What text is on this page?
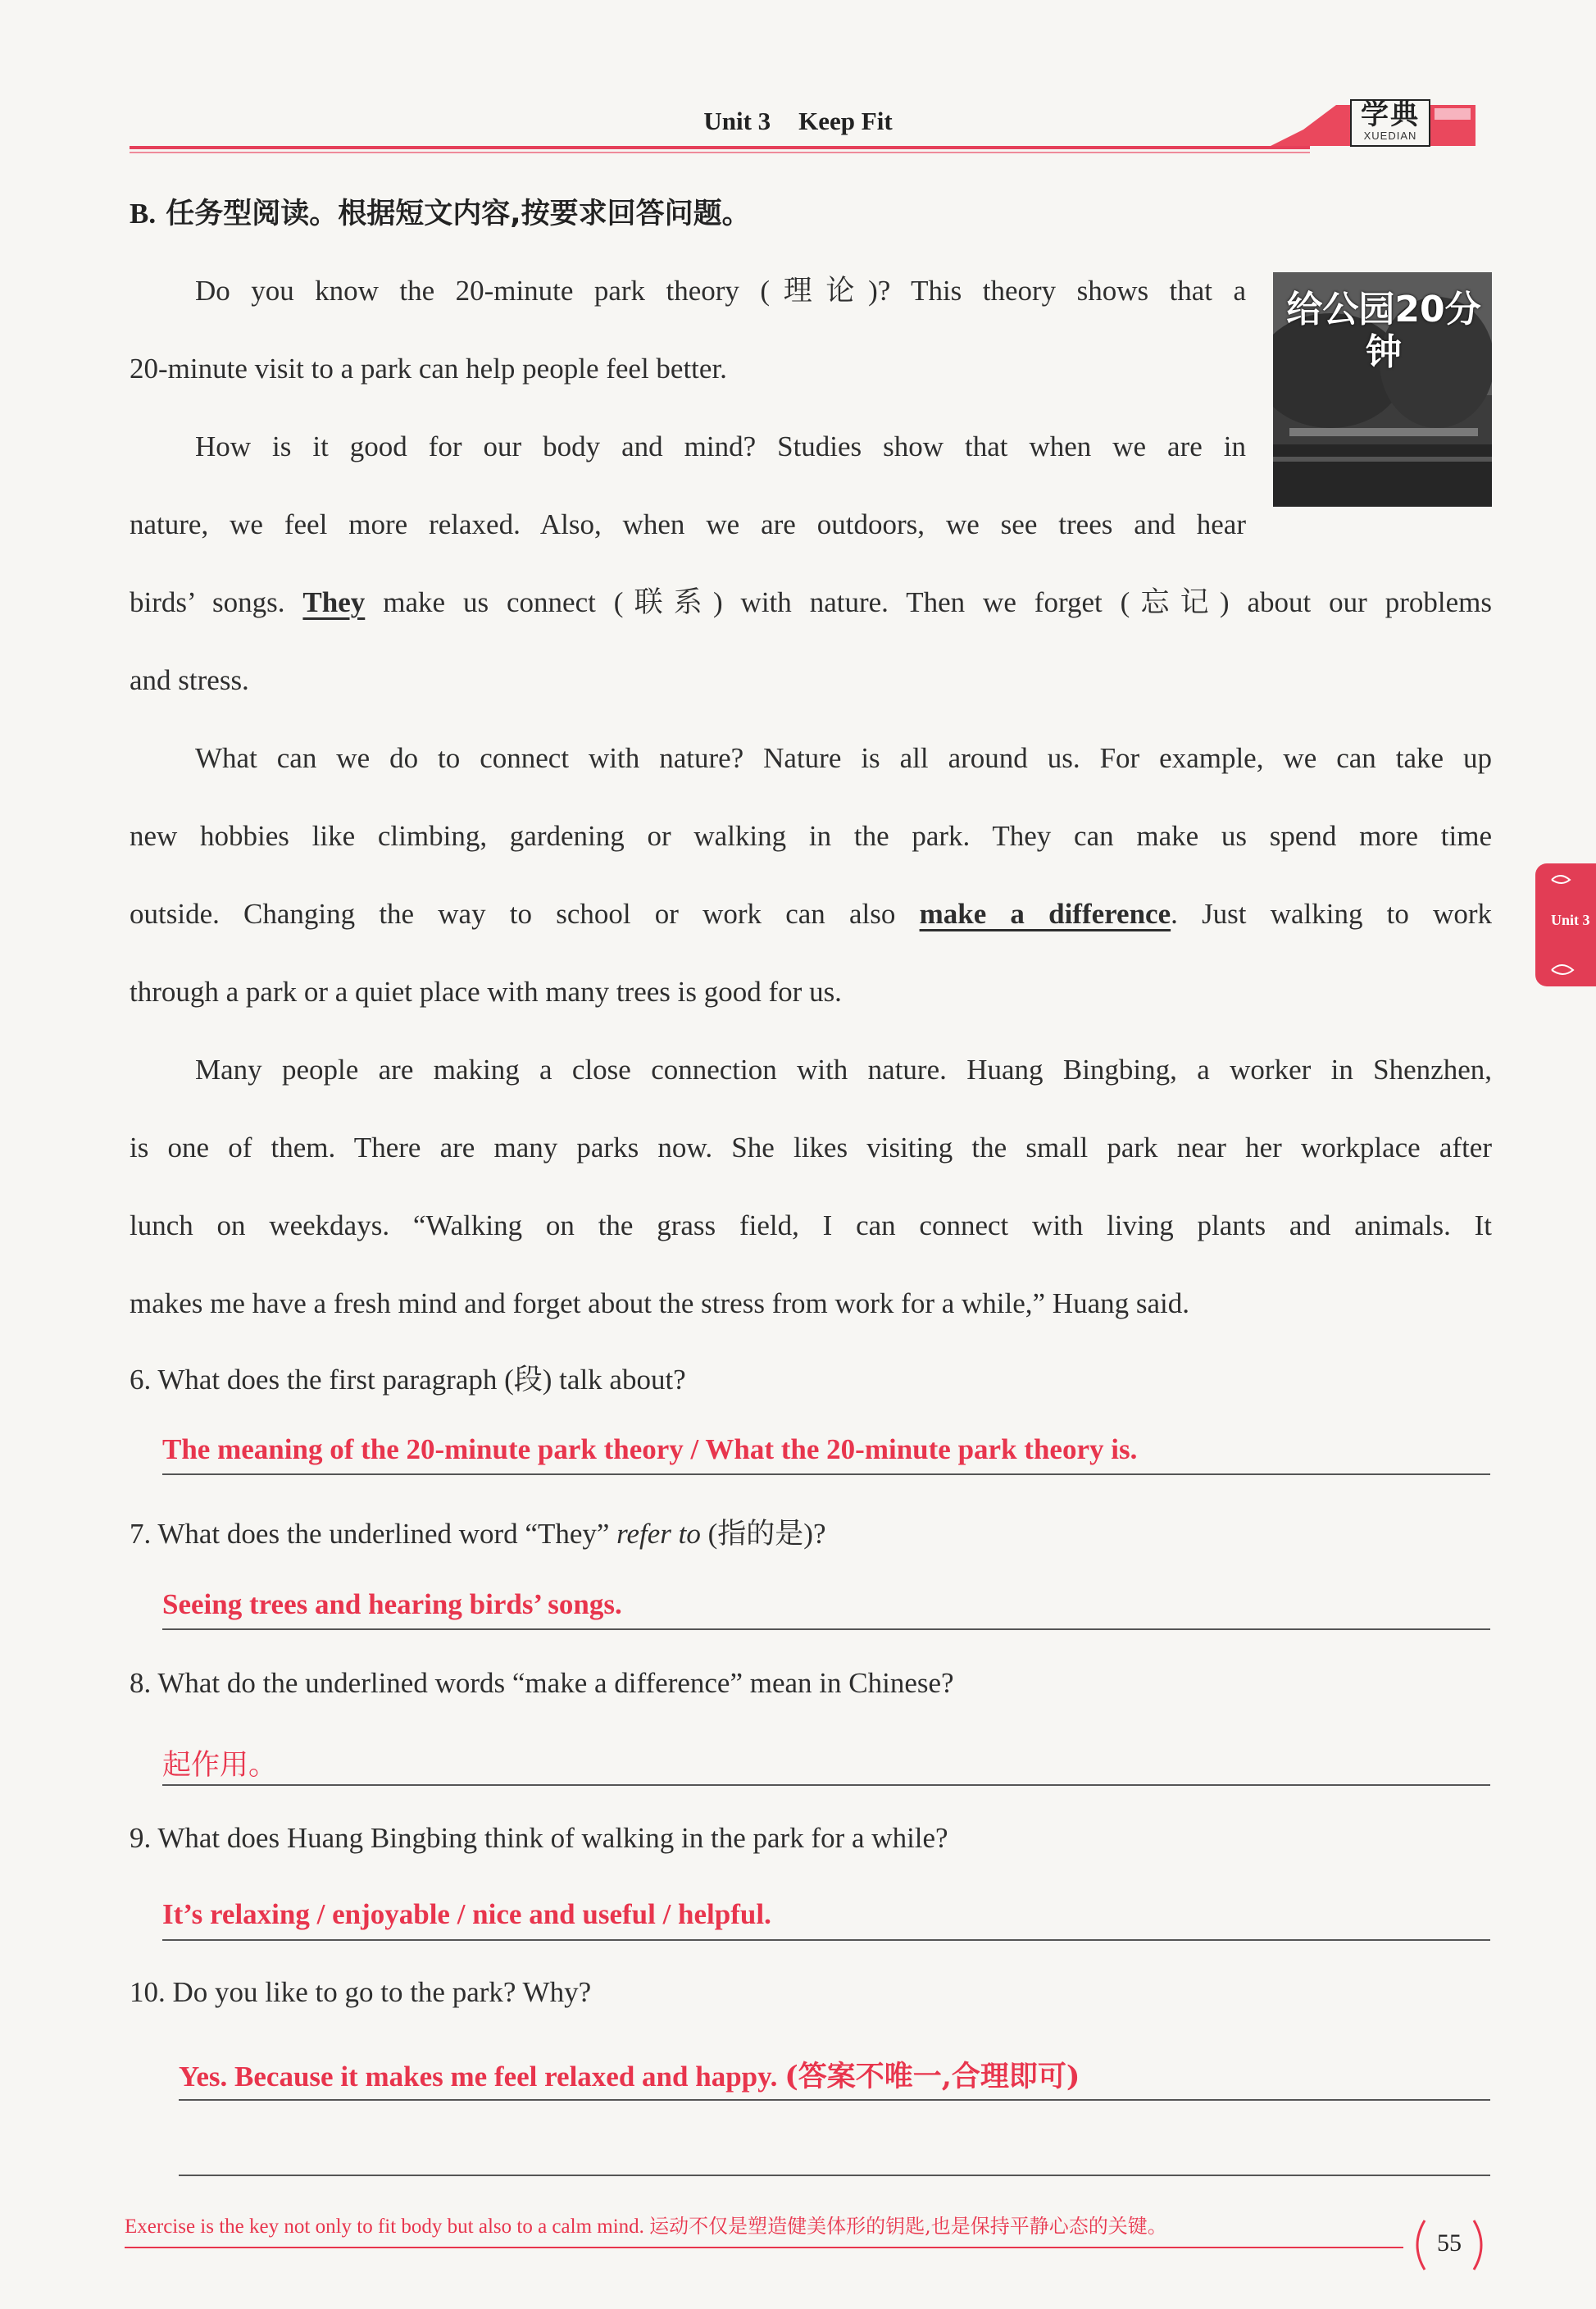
Unit 3 Keep Fit	学典
XUEDIAN
B. 任务型阅读。根据短文内容,按要求回答问题。
给公园20分钟
Do you know the 20-minute park theory (理论)? This theory shows that a
20-minute visit to a park can help people feel better.
How is it good for our body and mind? Studies show that when we are in
nature, we feel more relaxed. Also, when we are outdoors, we see trees and hear
birds’ songs. They make us connect (联系) with nature. Then we forget (忘记) about our problems
and stress.
What can we do to connect with nature? Nature is all around us. For example, we can take up
new hobbies like climbing, gardening or walking in the park. They can make us spend more time
outside. Changing the way to school or work can also make a difference. Just walking to work
through a park or a quiet place with many trees is good for us.
Many people are making a close connection with nature. Huang Bingbing, a worker in Shenzhen,
is one of them. There are many parks now. She likes visiting the small park near her workplace after
lunch on weekdays. “Walking on the grass field, I can connect with living plants and animals. It
makes me have a fresh mind and forget about the stress from work for a while,” Huang said.
6. What does the first paragraph (段) talk about?
The meaning of the 20-minute park theory / What the 20-minute park theory is.
7. What does the underlined word “They” refer to (指的是)?
Seeing trees and hearing birds’ songs.
8. What do the underlined words “make a difference” mean in Chinese?
起作用。
9. What does Huang Bingbing think of walking in the park for a while?
It’s relaxing / enjoyable / nice and useful / helpful.
10. Do you like to go to the park? Why?
Yes. Because it makes me feel relaxed and happy. (答案不唯一,合理即可)
Unit 3
Exercise is the key not only to fit body but also to a calm mind. 运动不仅是塑造健美体形的钥匙,也是保持平静心态的关键。
55
